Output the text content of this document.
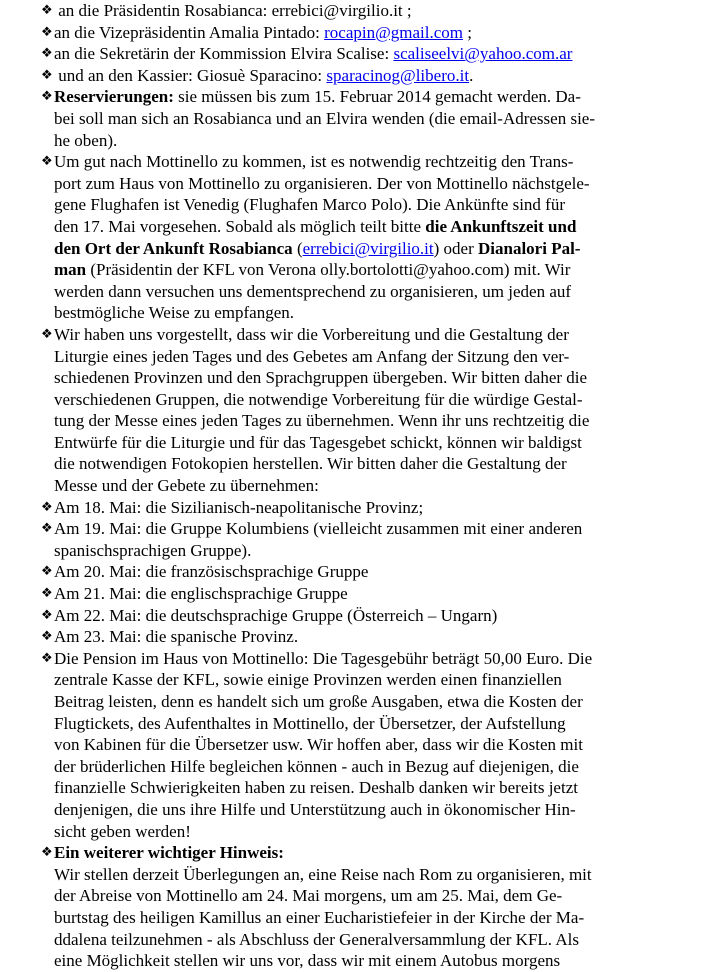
❖ an die Präsidentin Rosabianca: errebici@virgilio.it ;
❖ an die Vizepräsidentin Amalia Pintado: rocapin@gmail.com ;
❖ an die Sekretärin der Kommission Elvira Scalise: scaliseelvi@yahoo.com.ar
❖ und an den Kassier: Giosuè Sparacino: sparacinog@libero.it.
❖ Reservierungen: sie müssen bis zum 15. Februar 2014 gemacht werden. Da-
bei soll man sich an Rosabianca und an Elvira wenden (die email-Adressen sie-
he oben).
❖ Um gut nach Mottinello zu kommen, ist es notwendig rechtzeitig den Trans-
port zum Haus von Mottinello zu organisieren. Der von Mottinello nächstgele-
gene Flughafen ist Venedig (Flughafen Marco Polo). Die Ankünfte sind für
den 17. Mai vorgesehen. Sobald als möglich teilt bitte die Ankunftszeit und
den Ort der Ankunft Rosabianca (errebici@virgilio.it) oder Dianalori Pal-
man (Präsidentin der KFL von Verona olly.bortolotti@yahoo.com) mit. Wir
werden dann versuchen uns dementsprechend zu organisieren, um jeden auf
bestmögliche Weise zu empfangen.
❖ Wir haben uns vorgestellt, dass wir die Vorbereitung und die Gestaltung der
Liturgie eines jeden Tages und des Gebetes am Anfang der Sitzung den ver-
schiedenen Provinzen und den Sprachgruppen übergeben. Wir bitten daher die
verschiedenen Gruppen, die notwendige Vorbereitung für die würdige Gestal-
tung der Messe eines jeden Tages zu übernehmen. Wenn ihr uns rechtzeitig die
Entwürfe für die Liturgie und für das Tagesgebet schickt, können wir baldigst
die notwendigen Fotokopien herstellen. Wir bitten daher die Gestaltung der
Messe und der Gebete zu übernehmen:
❖ Am 18. Mai: die Sizilianisch-neapolitanische Provinz;
❖ Am 19. Mai: die Gruppe Kolumbiens (vielleicht zusammen mit einer anderen
spanischsprachigen Gruppe).
❖ Am 20. Mai: die französischsprachige Gruppe
❖ Am 21. Mai: die englischsprachige Gruppe
❖ Am 22. Mai: die deutschsprachige Gruppe (Österreich – Ungarn)
❖ Am 23. Mai: die spanische Provinz.
❖ Die Pension im Haus von Mottinello: Die Tagesgebühr beträgt 50,00 Euro. Die
zentrale Kasse der KFL, sowie einige Provinzen werden einen finanziellen
Beitrag leisten, denn es handelt sich um große Ausgaben, etwa die Kosten der
Flugtickets, des Aufenthaltes in Mottinello, der Übersetzer, der Aufstellung
von Kabinen für die Übersetzer usw. Wir hoffen aber, dass wir die Kosten mit
der brüderlichen Hilfe begleichen können - auch in Bezug auf diejenigen, die
finanzielle Schwierigkeiten haben zu reisen. Deshalb danken wir bereits jetzt
denjenigen, die uns ihre Hilfe und Unterstützung auch in ökonomischer Hin-
sicht geben werden!
❖ Ein weiterer wichtiger Hinweis:
Wir stellen derzeit Überlegungen an, eine Reise nach Rom zu organisieren, mit
der Abreise von Mottinello am 24. Mai morgens, um am 25. Mai, dem Ge-
burtstag des heiligen Kamillus an einer Eucharistiefeier in der Kirche der Ma-
ddalena teilzunehmen - als Abschluss der Generalversammlung der KFL. Als
eine Möglichkeit stellen wir uns vor, dass wir mit einem Autobus morgens
